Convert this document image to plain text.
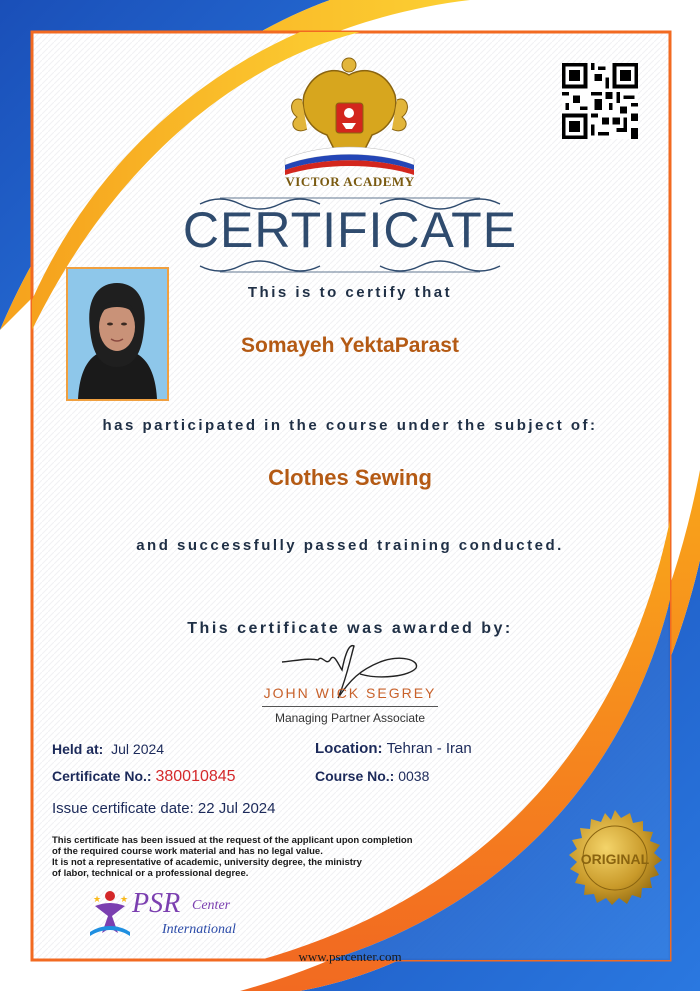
VICTOR ACADEMY
CERTIFICATE
This is to certify that
Somayeh YektaParast
has participated in the course under the subject of:
Clothes Sewing
and successfully passed training conducted.
This certificate was awarded by:
JOHN WICK SEGREY
Managing Partner Associate
Held at: Jul 2024	Location: Tehran - Iran
Certificate No.: 380010845	Course No.: 0038
Issue certificate date: 22 Jul 2024
This certificate has been issued at the request of the applicant upon completion
of the required course work material and has no legal value.
It is not a representative of academic, university degree, the ministry
of labor, technical or a professional degree.
ORIGINAL
★ ★ PSR Center
International
www.psrcenter.com
